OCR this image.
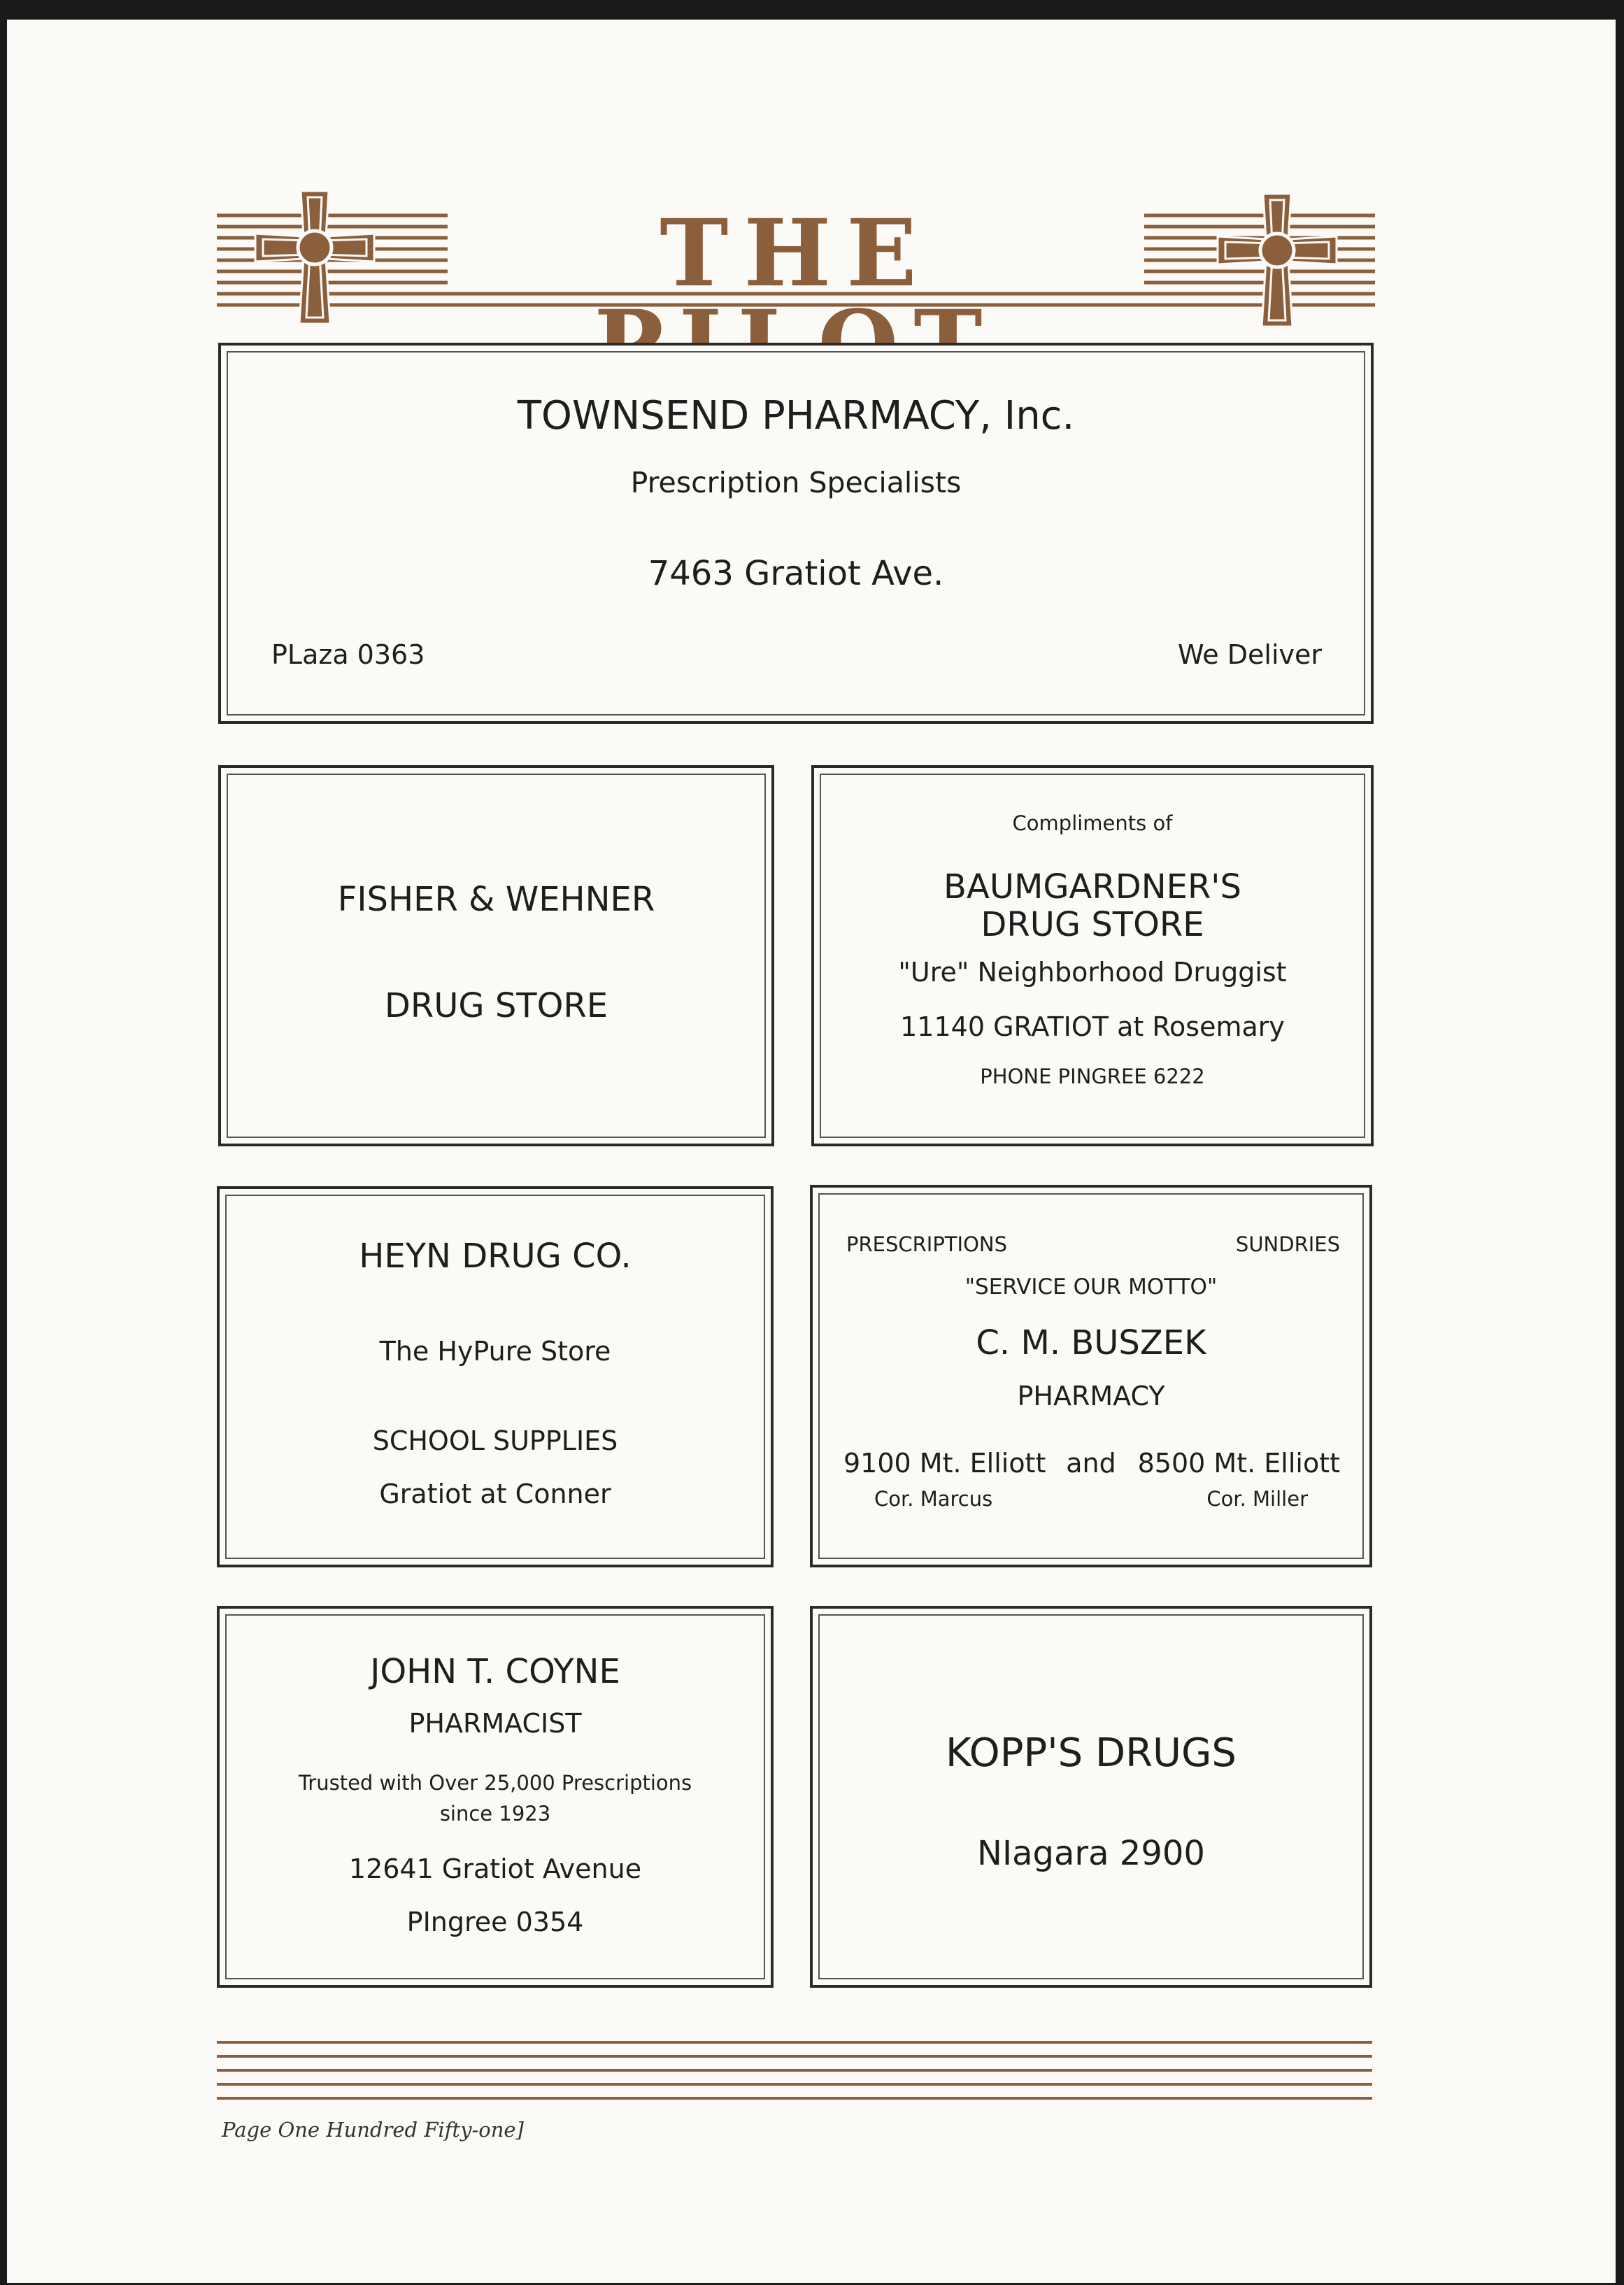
THE
TOWNSEND PHARMACY, Inc.
Prescription Specialists
7463 Gratiot Ave.
PLaza 0363	We Deliver
FISHER & WEHNER
DRUG STORE
Compliments of
BAUMGARDNER'S
DRUG STORE
"Ure" Neighborhood Druggist
11140 GRATIOT at Rosemary
PHONE PINGREE 6222
HEYN DRUG CO.
The HyPure Store
SCHOOL SUPPLIES
Gratiot at Conner
PRESCRIPTIONS	SUNDRIES
"SERVICE OUR MOTTO"
C. M. BUSZEK
PHARMACY
9100 Mt. Elliott and 8500 Mt. Elliott
Cor. Marcus	Cor. Miller
JOHN T. COYNE
PHARMACIST
Trusted with Over 25,000 Prescriptions
since 1923
12641 Gratiot Avenue
PIngree 0354
KOPP'S DRUGS
NIagara 2900
Page One Hundred Fifty-one]
